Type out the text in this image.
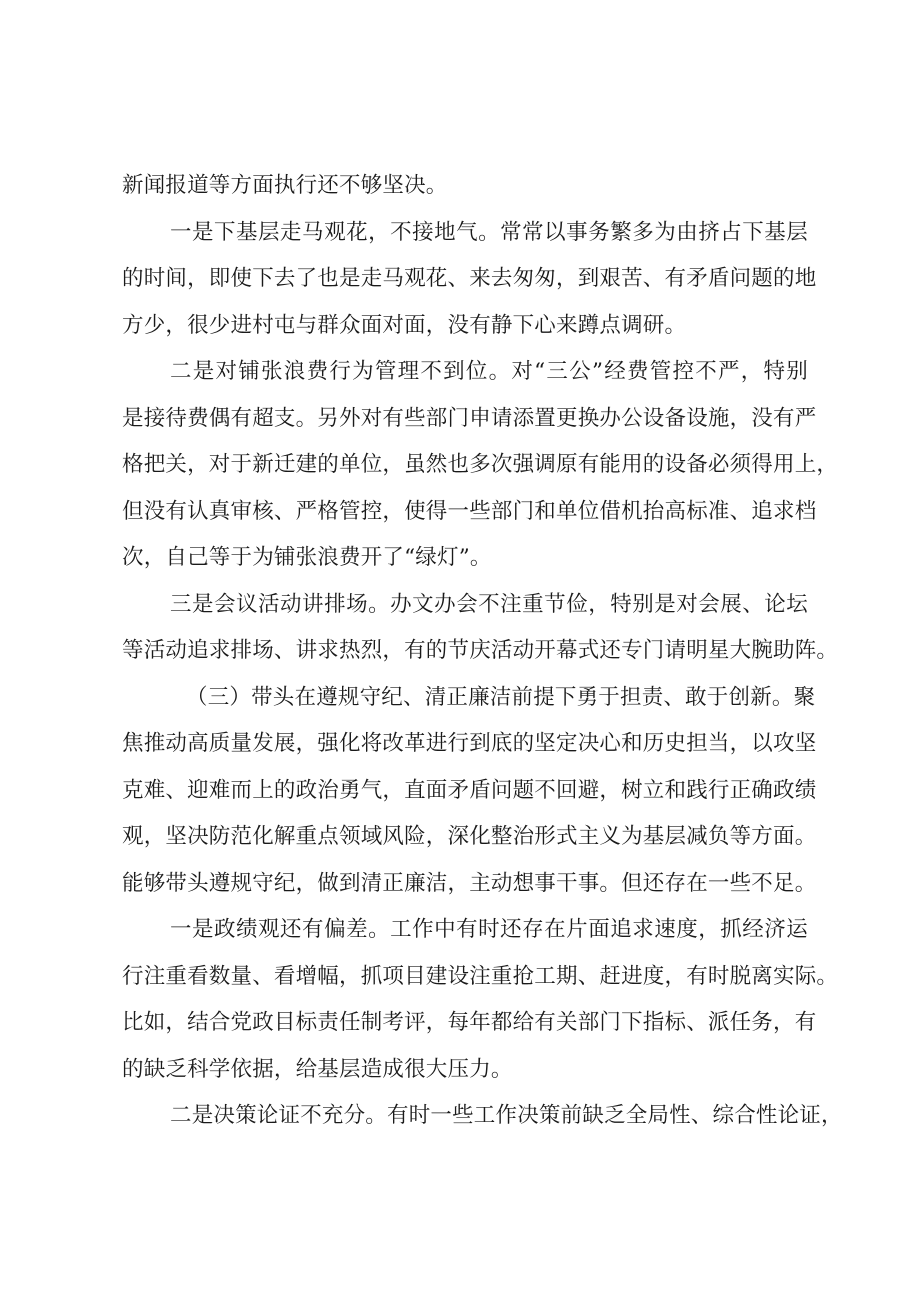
新闻报道等方面执行还不够坚决。
一是下基层走马观花，不接地气。常常以事务繁多为由挤占下基层
的时间，即使下去了也是走马观花、来去匆匆，到艰苦、有矛盾问题的地
方少，很少进村屯与群众面对面，没有静下心来蹲点调研。
二是对铺张浪费行为管理不到位。对“三公”经费管控不严，特别
是接待费偶有超支。另外对有些部门申请添置更换办公设备设施，没有严
格把关，对于新迁建的单位，虽然也多次强调原有能用的设备必须得用上，
但没有认真审核、严格管控，使得一些部门和单位借机抬高标准、追求档
次，自己等于为铺张浪费开了“绿灯”。
三是会议活动讲排场。办文办会不注重节俭，特别是对会展、论坛
等活动追求排场、讲求热烈，有的节庆活动开幕式还专门请明星大腕助阵。
（三）带头在遵规守纪、清正廉洁前提下勇于担责、敢于创新。聚
焦推动高质量发展，强化将改革进行到底的坚定决心和历史担当，以攻坚
克难、迎难而上的政治勇气，直面矛盾问题不回避，树立和践行正确政绩
观，坚决防范化解重点领域风险，深化整治形式主义为基层减负等方面。
能够带头遵规守纪，做到清正廉洁，主动想事干事。但还存在一些不足。
一是政绩观还有偏差。工作中有时还存在片面追求速度，抓经济运
行注重看数量、看增幅，抓项目建设注重抢工期、赶进度，有时脱离实际。
比如，结合党政目标责任制考评，每年都给有关部门下指标、派任务，有
的缺乏科学依据，给基层造成很大压力。
二是决策论证不充分。有时一些工作决策前缺乏全局性、综合性论证，
